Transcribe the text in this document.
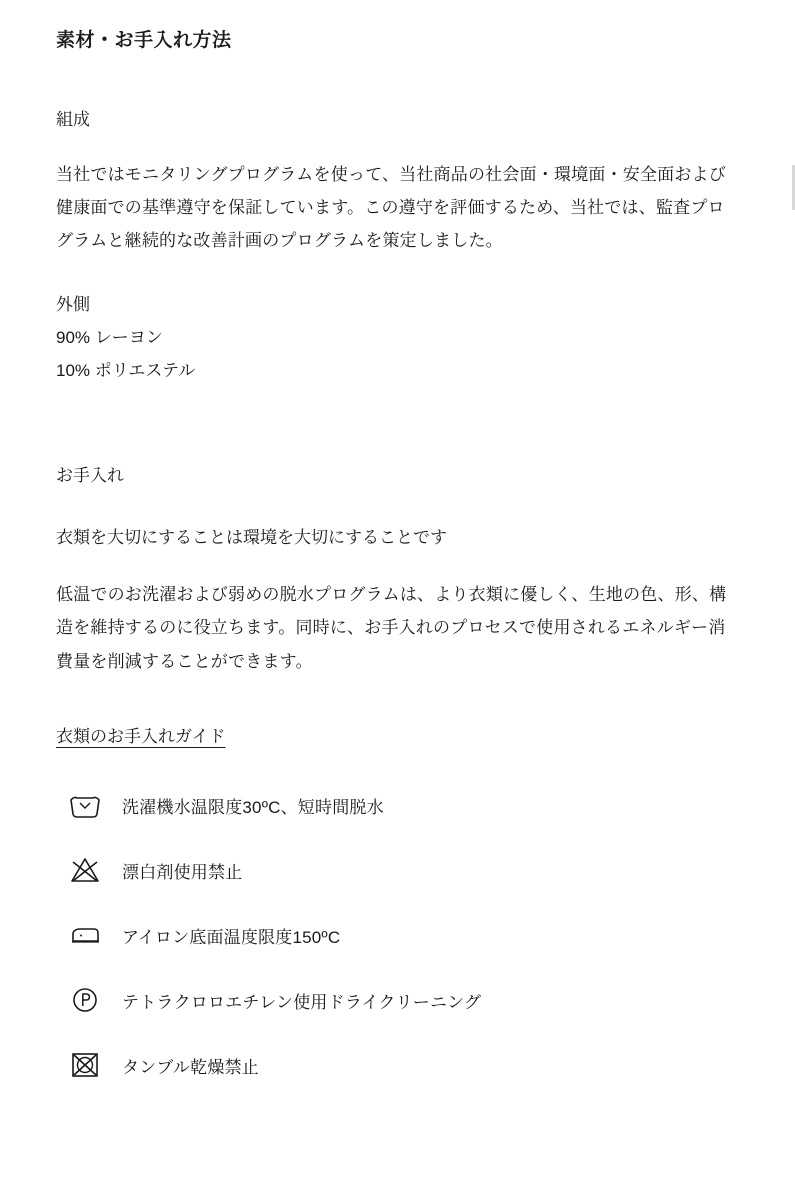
素材・お手入れ方法
組成

当社ではモニタリングプログラムを使って、当社商品の社会面・環境面・安全面および健康面での基準遵守を保証しています。この遵守を評価するため、当社では、監査プログラムと継続的な改善計画のプログラムを策定しました。

外側
90% レーヨン
10% ポリエステル
お手入れ
衣類を大切にすることは環境を大切にすることです

低温でのお洗濯および弱めの脱水プログラムは、より衣類に優しく、生地の色、形、構造を維持するのに役立ちます。同時に、お手入れのプロセスで使用されるエネルギー消費量を削減することができます。

衣類のお手入れガイド
洗濯機水温限度30ºC、短時間脱水
漂白剤使用禁止
アイロン底面温度限度150ºC
テトラクロロエチレン使用ドライクリーニング
タンブル乾燥禁止
